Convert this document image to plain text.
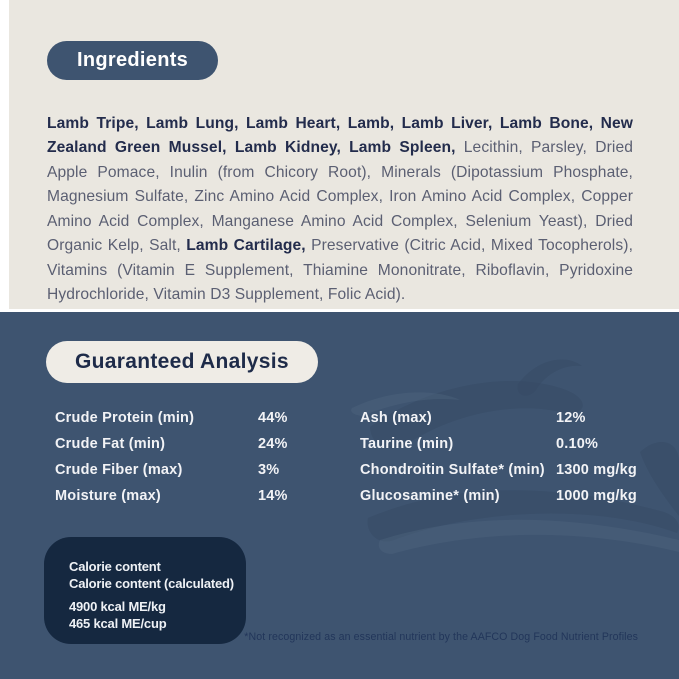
Ingredients

Lamb Tripe, Lamb Lung, Lamb Heart, Lamb, Lamb Liver, Lamb Bone, New Zealand Green Mussel, Lamb Kidney, Lamb Spleen, Lecithin, Parsley, Dried Apple Pomace, Inulin (from Chicory Root), Minerals (Dipotassium Phosphate, Magnesium Sulfate, Zinc Amino Acid Complex, Iron Amino Acid Complex, Copper Amino Acid Complex, Manganese Amino Acid Complex, Selenium Yeast), Dried Organic Kelp, Salt, Lamb Cartilage, Preservative (Citric Acid, Mixed Tocopherols), Vitamins (Vitamin E Supplement, Thiamine Mononitrate, Riboflavin, Pyridoxine Hydrochloride, Vitamin D3 Supplement, Folic Acid).

Guaranteed Analysis
Crude Protein (min)	44%
Crude Fat (min)	24%
Crude Fiber (max)	3%
Moisture (max)	14%
Ash (max)	12%
Taurine (min)	0.10%
Chondroitin Sulfate* (min) 1300 mg/kg
Glucosamine* (min)	1000 mg/kg
Calorie content
Calorie content (calculated)
4900 kcal ME/kg
465 kcal ME/cup
*Not recognized as an essential nutrient by the AAFCO Dog Food Nutrient Profiles
